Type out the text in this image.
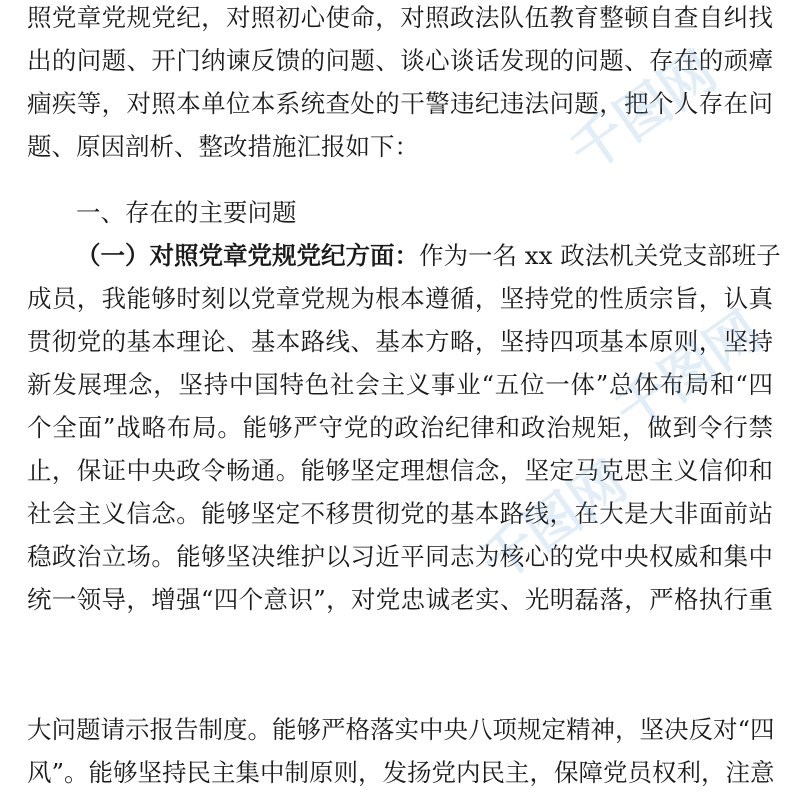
照党章党规党纪，对照初心使命，对照政法队伍教育整顿自查自纠找
出的问题、开门纳谏反馈的问题、谈心谈话发现的问题、存在的顽瘴
痼疾等，对照本单位本系统查处的干警违纪违法问题，把个人存在问
题、原因剖析、整改措施汇报如下：
一、存在的主要问题
（一）对照党章党规党纪方面：作为一名 xx 政法机关党支部班子
成员，我能够时刻以党章党规为根本遵循，坚持党的性质宗旨，认真
贯彻党的基本理论、基本路线、基本方略，坚持四项基本原则，坚持
新发展理念，坚持中国特色社会主义事业“五位一体”总体布局和“四
个全面”战略布局。能够严守党的政治纪律和政治规矩，做到令行禁
止，保证中央政令畅通。能够坚定理想信念，坚定马克思主义信仰和
社会主义信念。能够坚定不移贯彻党的基本路线，在大是大非面前站
稳政治立场。能够坚决维护以习近平同志为核心的党中央权威和集中
统一领导，增强“四个意识”，对党忠诚老实、光明磊落，严格执行重
大问题请示报告制度。能够严格落实中央八项规定精神，坚决反对“四
风”。能够坚持民主集中制原则，发扬党内民主，保障党员权利，注意
千图网
千图网
千图网
